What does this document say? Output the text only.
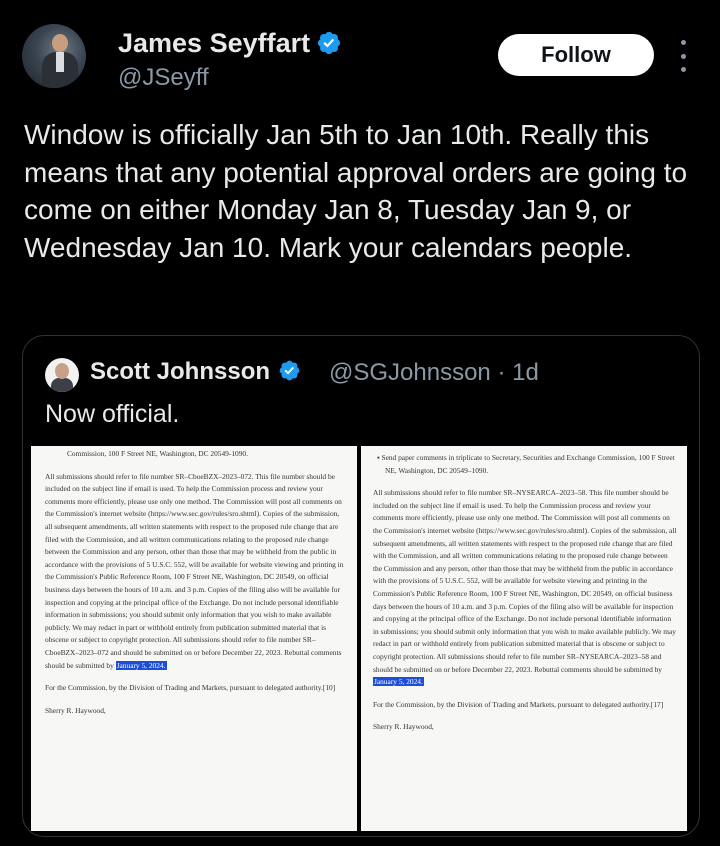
James Seyffart
@JSeyff
Follow
Window is officially Jan 5th to Jan 10th. Really this means that any potential approval orders are going to come on either Monday Jan 8, Tuesday Jan 9, or Wednesday Jan 10. Mark your calendars people.
Scott Johnsson	@SGJohnsson · 1d
Now official.

Commission, 100 F Street NE, Washington, DC 20549-1090.

All submissions should refer to file number SR–CboeBZX–2023–072. This file number should be included on the subject line if email is used. To help the Commission process and review your comments more efficiently, please use only one method. The Commission will post all comments on the Commission's internet website (https://www.sec.gov/rules/sro.shtml). Copies of the submission, all subsequent amendments, all written statements with respect to the proposed rule change that are filed with the Commission, and all written communications relating to the proposed rule change between the Commission and any person, other than those that may be withheld from the public in accordance with the provisions of 5 U.S.C. 552, will be available for website viewing and printing in the Commission's Public Reference Room, 100 F Street NE, Washington, DC 20549, on official business days between the hours of 10 a.m. and 3 p.m. Copies of the filing also will be available for inspection and copying at the principal office of the Exchange. Do not include personal identifiable information in submissions; you should submit only information that you wish to make available publicly. We may redact in part or withhold entirely from publication submitted material that is obscene or subject to copyright protection. All submissions should refer to file number SR–CboeBZX–2023–072 and should be submitted on or before December 22, 2023. Rebuttal comments should be submitted by January 5, 2024.

For the Commission, by the Division of Trading and Markets, pursuant to delegated authority.[10]

Sherry R. Haywood,

▪ Send paper comments in triplicate to Secretary, Securities and Exchange Commission, 100 F Street NE, Washington, DC 20549–1090.

All submissions should refer to file number SR–NYSEARCA–2023–58. This file number should be included on the subject line if email is used. To help the Commission process and review your comments more efficiently, please use only one method. The Commission will post all comments on the Commission's internet website (https://www.sec.gov/rules/sro.shtml). Copies of the submission, all subsequent amendments, all written statements with respect to the proposed rule change that are filed with the Commission, and all written communications relating to the proposed rule change between the Commission and any person, other than those that may be withheld from the public in accordance with the provisions of 5 U.S.C. 552, will be available for website viewing and printing in the Commission's Public Reference Room, 100 F Street NE, Washington, DC 20549, on official business days between the hours of 10 a.m. and 3 p.m. Copies of the filing also will be available for inspection and copying at the principal office of the Exchange. Do not include personal identifiable information in submissions; you should submit only information that you wish to make available publicly. We may redact in part or withhold entirely from publication submitted material that is obscene or subject to copyright protection. All submissions should refer to file number SR–NYSEARCA–2023–58 and should be submitted on or before December 22, 2023. Rebuttal comments should be submitted by January 5, 2024.

For the Commission, by the Division of Trading and Markets, pursuant to delegated authority.[17]

Sherry R. Haywood,
